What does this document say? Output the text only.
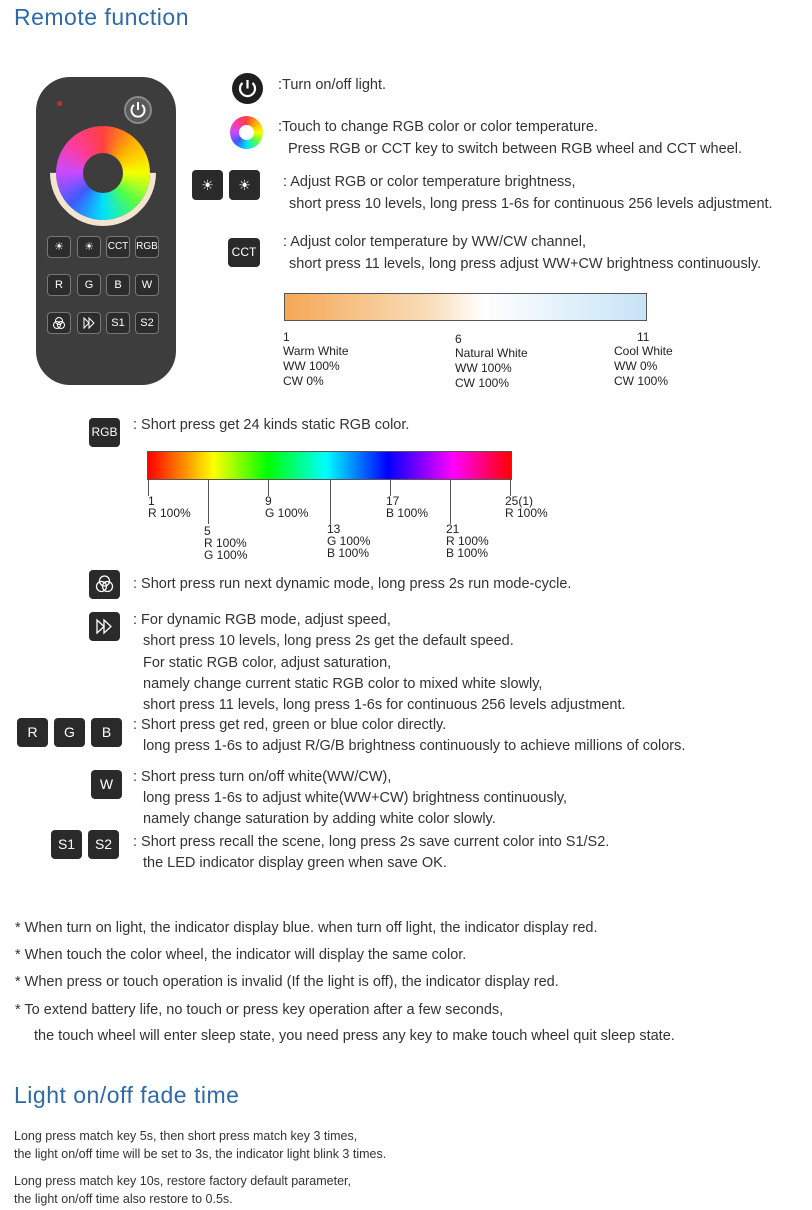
Remote function
☀	☀	CCT RGB
R	G	B	W
S1	S2
:Turn on/off light.
:Touch to change RGB color or color temperature.
Press RGB or CCT key to switch between RGB wheel and CCT wheel.
☀	☀	: Adjust RGB or color temperature brightness,
short press 10 levels, long press 1-6s for continuous 256 levels adjustment.
CCT
: Adjust color temperature by WW/CW channel,
short press 11 levels, long press adjust WW+CW brightness continuously.
1
Warm White
WW 100%
CW 0%
6
Natural White
WW 100%
CW 100%
11
Cool White
WW 0%
CW 100%
RGB : Short press get 24 kinds static RGB color.
1
R 100%
9
G 100%
17
B 100%
25(1)
R 100%
5
R 100%
G 100%
13
G 100%
B 100%
21
R 100%
B 100%
: Short press run next dynamic mode, long press 2s run mode-cycle.
: For dynamic RGB mode, adjust speed,
short press 10 levels, long press 2s get the default speed.
For static RGB color, adjust saturation,
namely change current static RGB color to mixed white slowly,
short press 11 levels, long press 1-6s for continuous 256 levels adjustment.
R	G	B	: Short press get red, green or blue color directly.
long press 1-6s to adjust R/G/B brightness continuously to achieve millions of colors.
W	: Short press turn on/off white(WW/CW),
long press 1-6s to adjust white(WW+CW) brightness continuously,
namely change saturation by adding white color slowly.
S1	S2	: Short press recall the scene, long press 2s save current color into S1/S2.
the LED indicator display green when save OK.
* When turn on light, the indicator display blue. when turn off light, the indicator display red.
* When touch the color wheel, the indicator will display the same color.
* When press or touch operation is invalid (If the light is off), the indicator display red.
* To extend battery life, no touch or press key operation after a few seconds,
the touch wheel will enter sleep state, you need press any key to make touch wheel quit sleep state.
Light on/off fade time
Long press match key 5s, then short press match key 3 times,
the light on/off time will be set to 3s, the indicator light blink 3 times.
Long press match key 10s, restore factory default parameter,
the light on/off time also restore to 0.5s.
